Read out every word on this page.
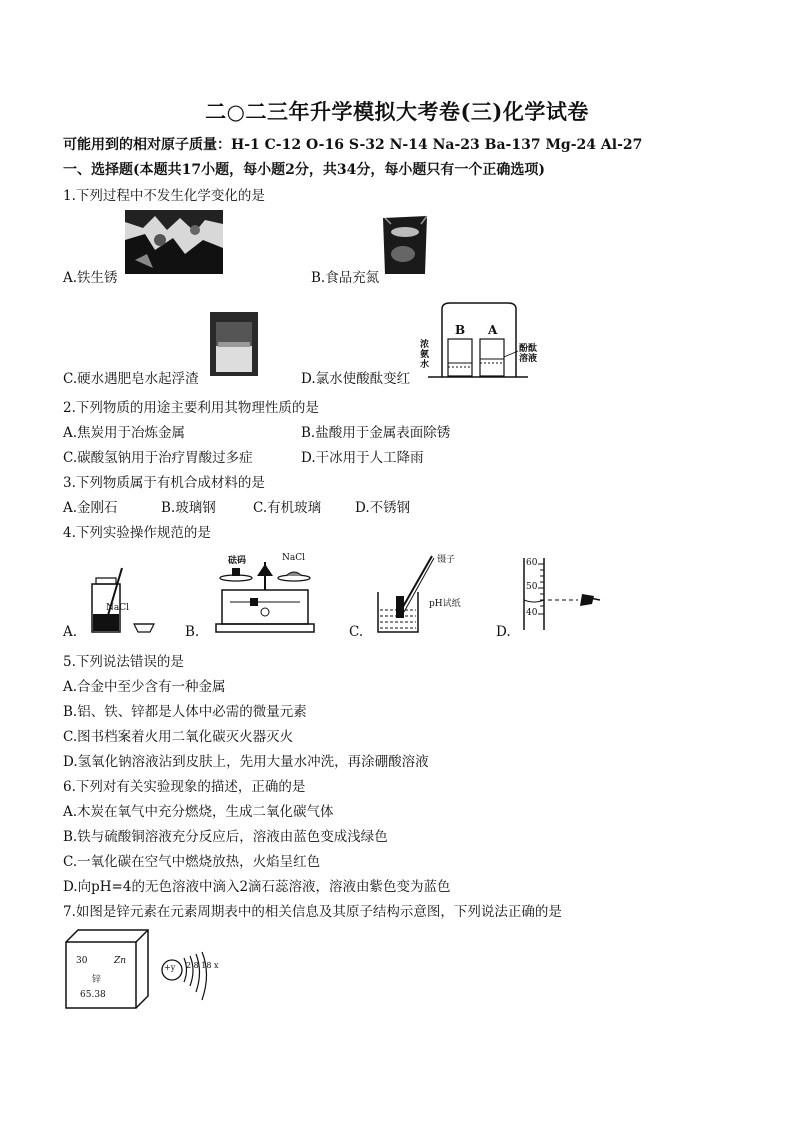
二○二三年升学模拟大考卷(三)化学试卷
可能用到的相对原子质量：H-1 C-12 O-16 S-32 N-14 Na-23 Ba-137 Mg-24 Al-27
一、选择题(本题共17小题，每小题2分，共34分，每小题只有一个正确选项)
1.下列过程中不发生化学变化的是
A.铁生锈	B.食品充氮
C.硬水遇肥皂水起浮渣
B A
浓氨水
酚酞溶液
D.氯水使酸酞变红
2.下列物质的用途主要利用其物理性质的是
A.焦炭用于冶炼金属	B.盐酸用于金属表面除锈
C.碳酸氢钠用于治疗胃酸过多症	D.干冰用于人工降雨
3.下列物质属于有机合成材料的是
A.金刚石	B.玻璃钢	C.有机玻璃	D.不锈钢
4.下列实验操作规范的是
NaCl
A.
砝码	NaCl
B.
镊子
pH试纸
C.
60
50
40
D.
5.下列说法错误的是
A.合金中至少含有一种金属
B.铝、铁、锌都是人体中必需的微量元素
C.图书档案着火用二氧化碳灭火器灭火
D.氢氧化钠溶液沾到皮肤上，先用大量水冲洗，再涂硼酸溶液
6.下列对有关实验现象的描述，正确的是
A.木炭在氧气中充分燃烧，生成二氧化碳气体
B.铁与硫酸铜溶液充分反应后，溶液由蓝色变成浅绿色
C.一氧化碳在空气中燃烧放热，火焰呈红色
D.向pH=4的无色溶液中滴入2滴石蕊溶液，溶液由紫色变为蓝色
7.如图是锌元素在元素周期表中的相关信息及其原子结构示意图，下列说法正确的是
30	Zn
锌
65.38
+y 2 8 18 x
